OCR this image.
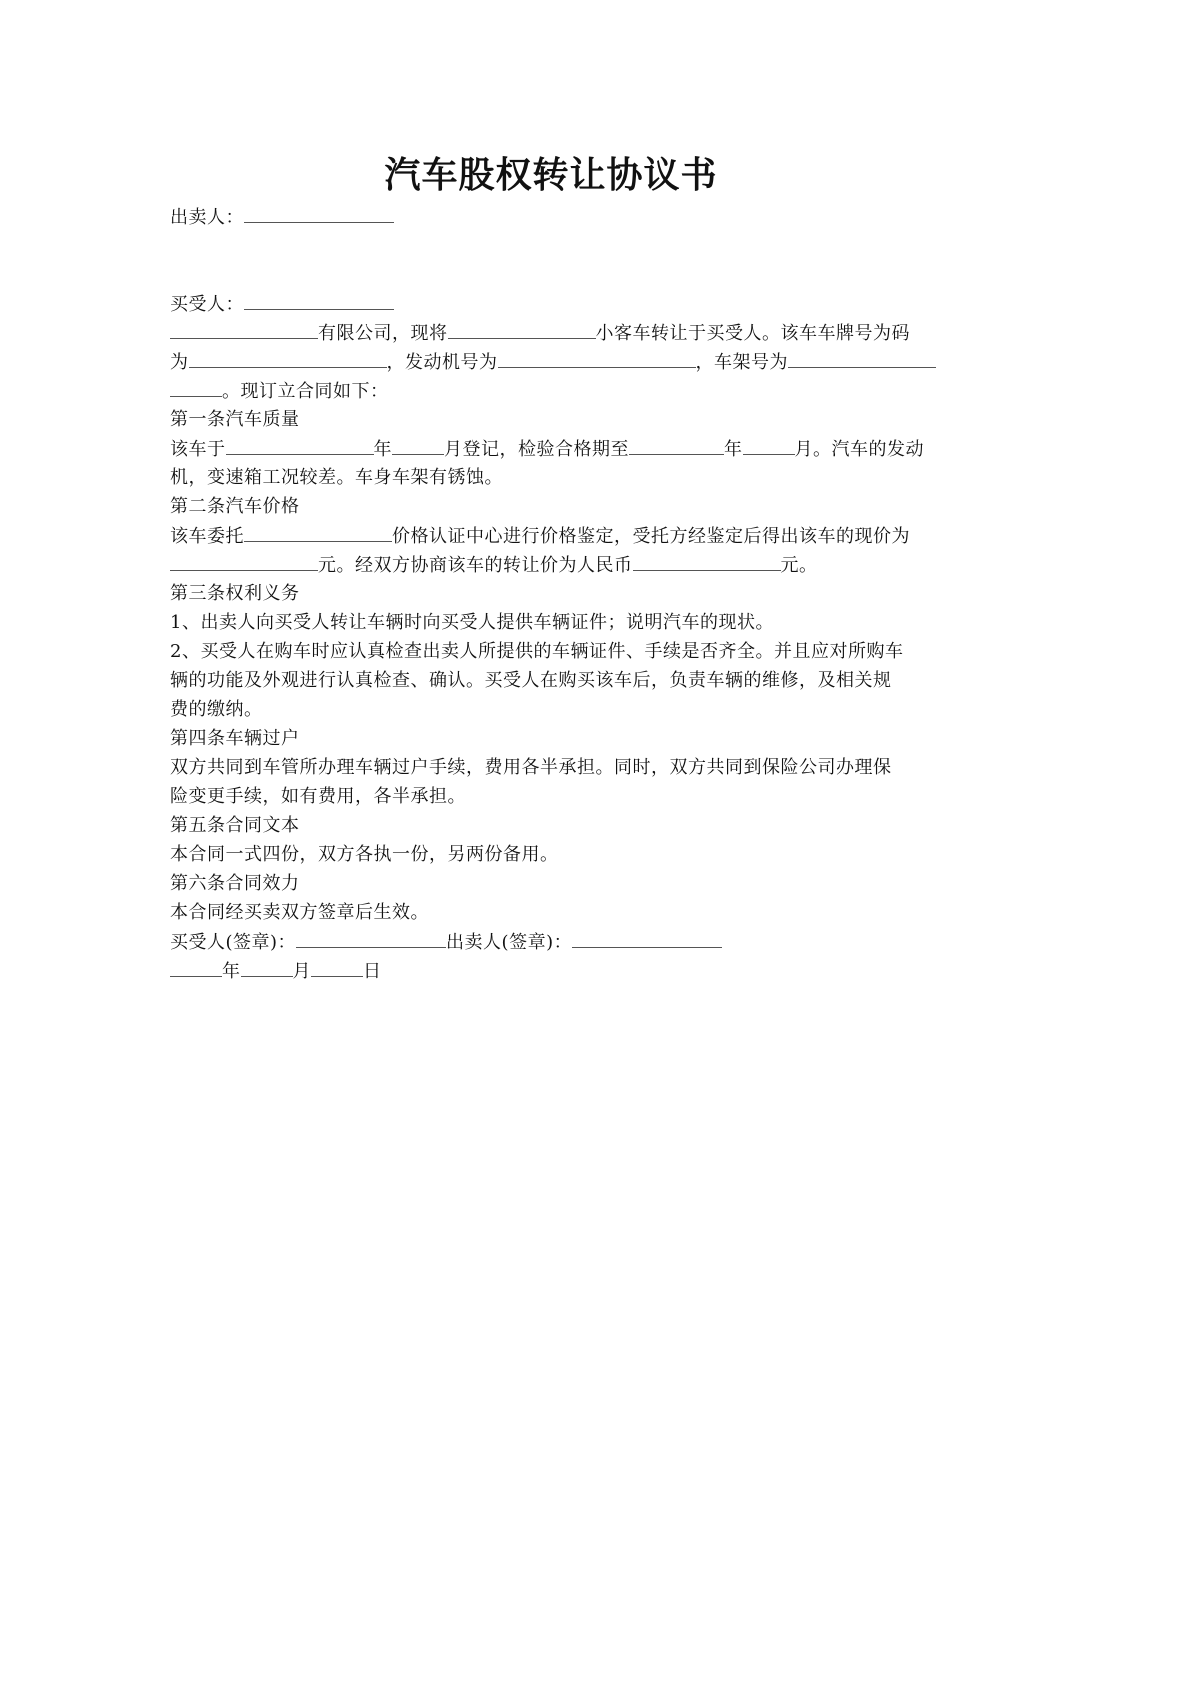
汽车股权转让协议书
出卖人：
买受人：
有限公司，现将	小客车转让于买受人。该车车牌号为码
为	，发动机号为	，车架号为
。现订立合同如下：
第一条汽车质量
该车于	年	月登记，检验合格期至	年	月。汽车的发动
机，变速箱工况较差。车身车架有锈蚀。
第二条汽车价格
该车委托	价格认证中心进行价格鉴定，受托方经鉴定后得出该车的现价为
元。经双方协商该车的转让价为人民币	元。
第三条权利义务
1、出卖人向买受人转让车辆时向买受人提供车辆证件；说明汽车的现状。
2、买受人在购车时应认真检查出卖人所提供的车辆证件、手续是否齐全。并且应对所购车
辆的功能及外观进行认真检查、确认。买受人在购买该车后，负责车辆的维修，及相关规
费的缴纳。
第四条车辆过户
双方共同到车管所办理车辆过户手续，费用各半承担。同时，双方共同到保险公司办理保
险变更手续，如有费用，各半承担。
第五条合同文本
本合同一式四份，双方各执一份，另两份备用。
第六条合同效力
本合同经买卖双方签章后生效。
买受人(签章)：	出卖人(签章)：
年	月	日
